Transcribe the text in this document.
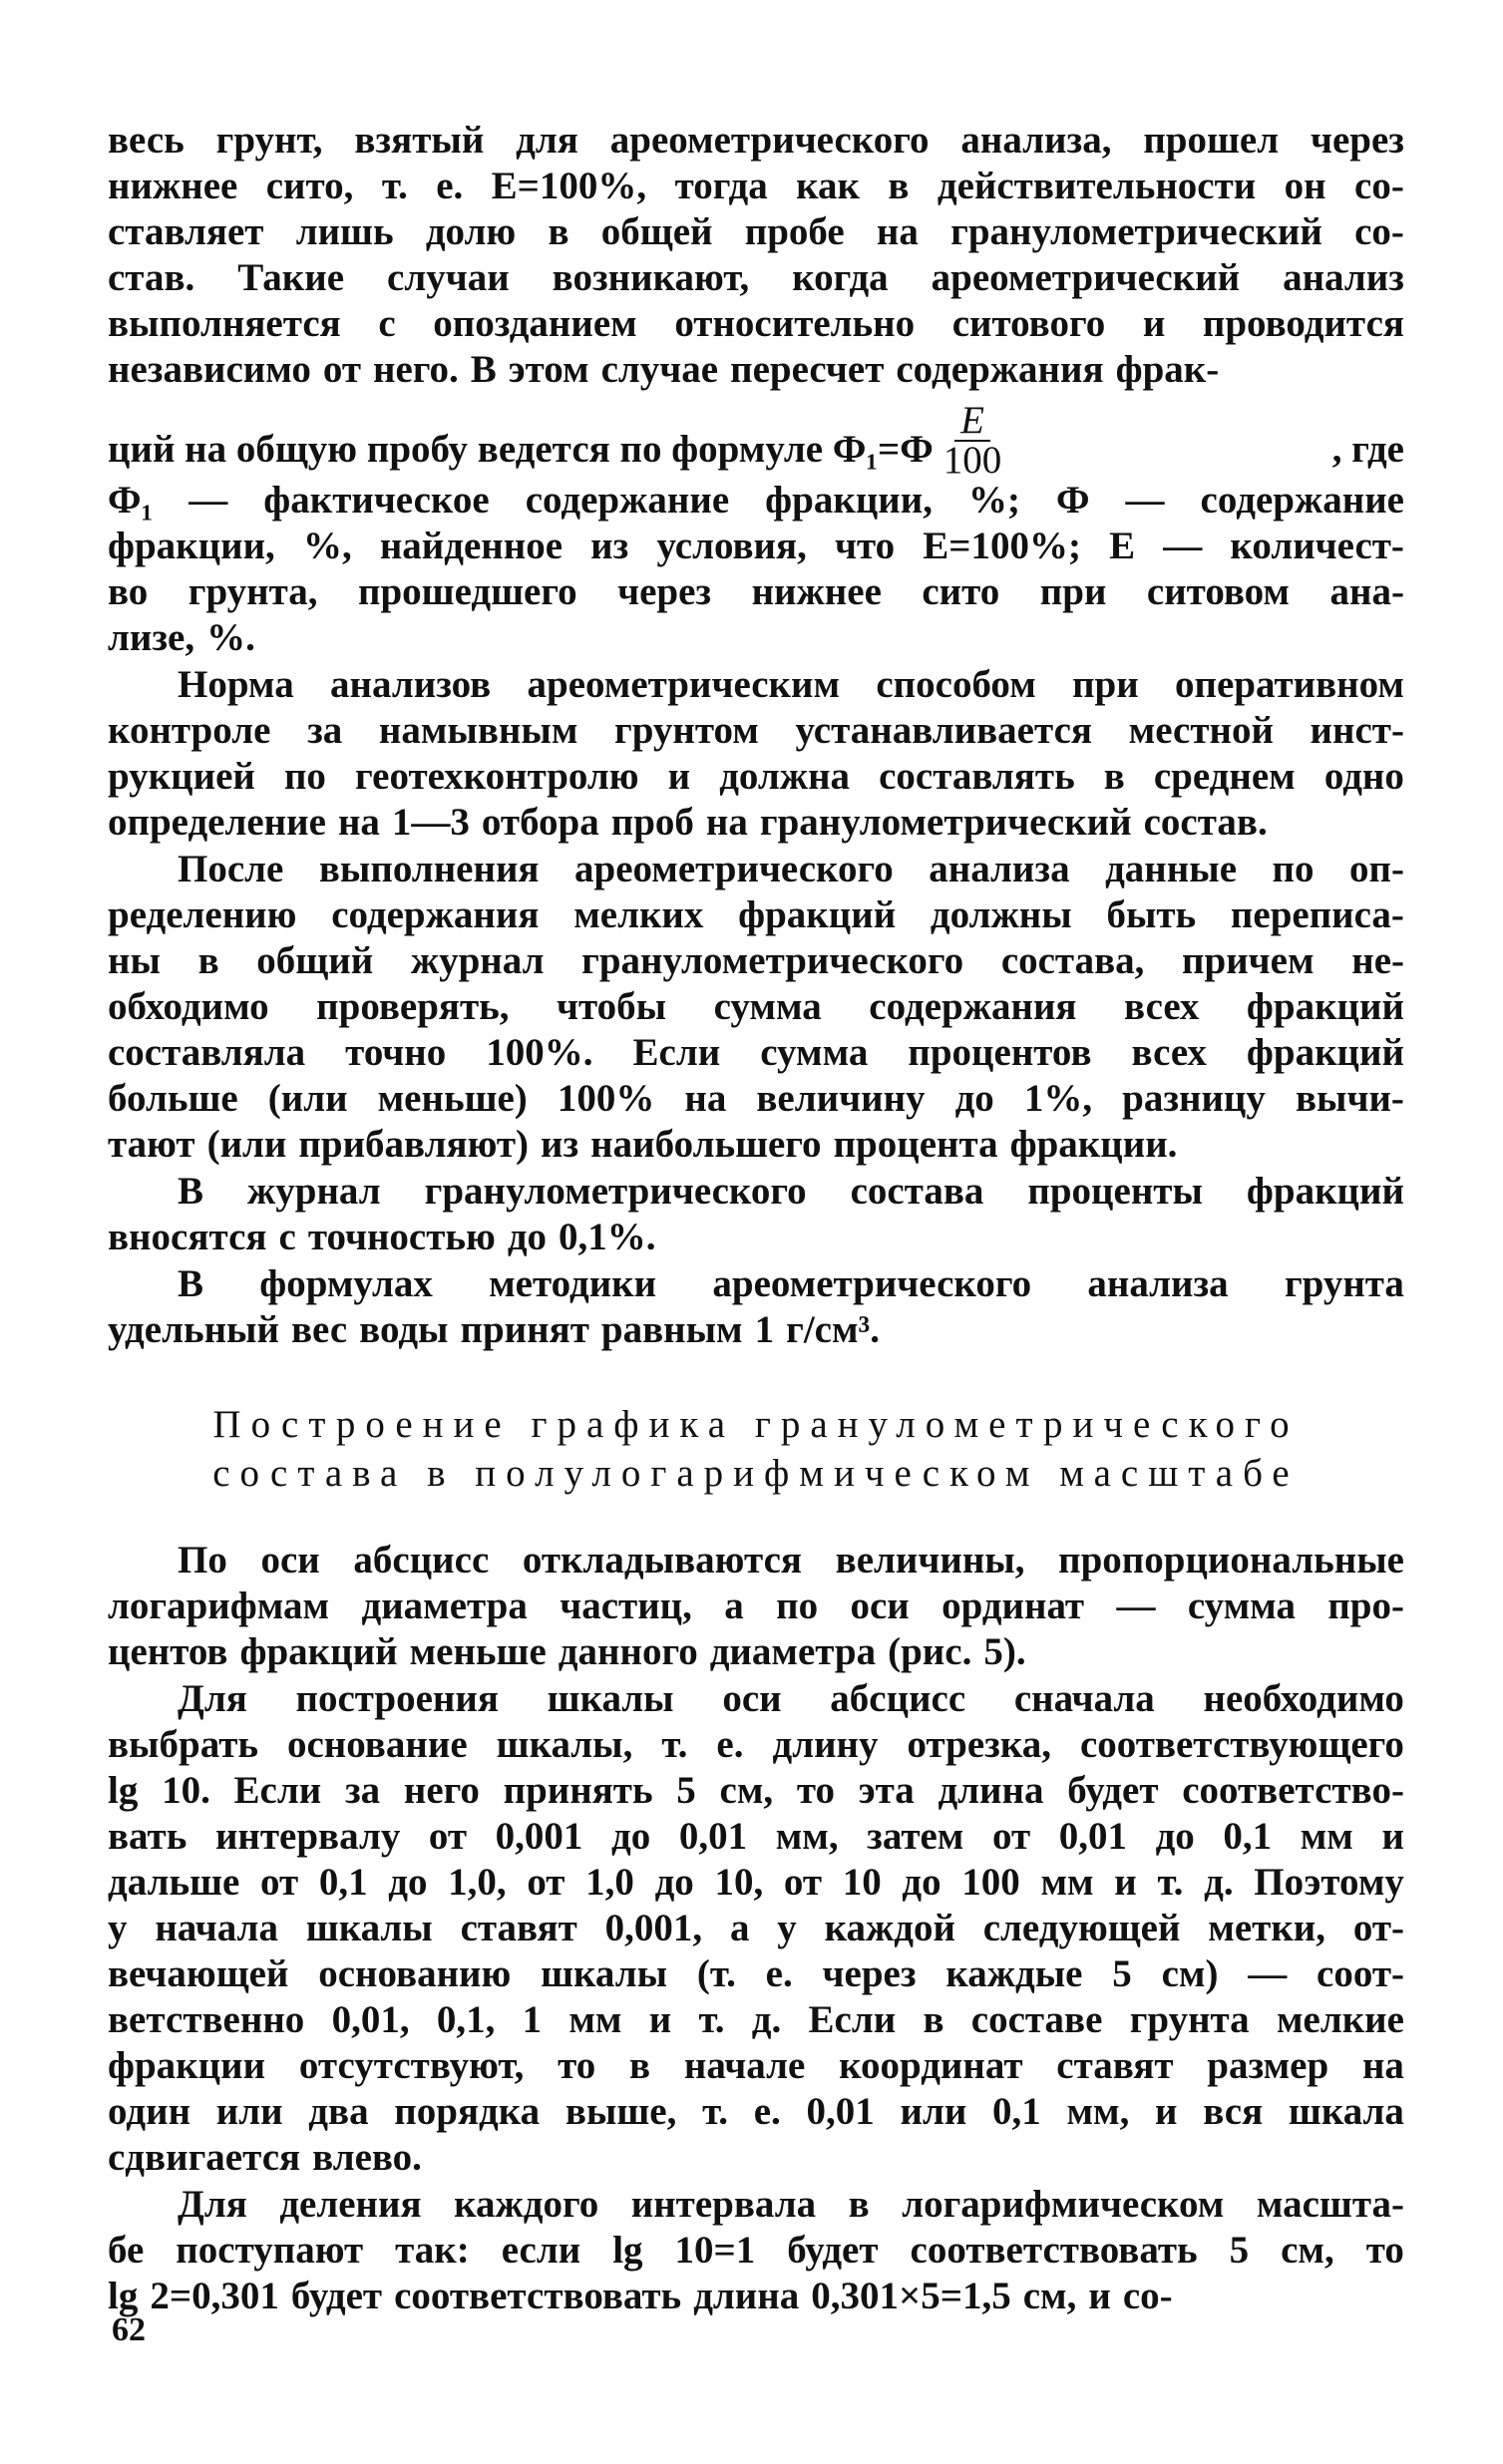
весь грунт, взятый для ареометрического анализа, прошел через
нижнее сито, т. е. Е=100%, тогда как в действительности он со-
ставляет лишь долю в общей пробе на гранулометрический со-
став. Такие случаи возникают, когда ареометрический анализ
выполняется с опозданием относительно ситового и проводится
независимо от него. В этом случае пересчет содержания фрак-
ций на общую пробу ведется по формуле $Ф_1=Ф \frac{E}{100}$	, где
Ф₁ — фактическое содержание фракции, %; Ф — содержание
фракции, %, найденное из условия, что Е=100%; Е — количест-
во грунта, прошедшего через нижнее сито при ситовом ана-
лизе, %.
Норма анализов ареометрическим способом при оперативном
контроле за намывным грунтом устанавливается местной инст-
рукцией по геотехконтролю и должна составлять в среднем одно
определение на 1—3 отбора проб на гранулометрический состав.
После выполнения ареометрического анализа данные по оп-
ределению содержания мелких фракций должны быть переписа-
ны в общий журнал гранулометрического состава, причем не-
обходимо проверять, чтобы сумма содержания всех фракций
составляла точно 100%. Если сумма процентов всех фракций
больше (или меньше) 100% на величину до 1%, разницу вычи-
тают (или прибавляют) из наибольшего процента фракции.
В журнал гранулометрического состава проценты фракций
вносятся с точностью до 0,1%.
В формулах методики ареометрического анализа грунта
удельный вес воды принят равным 1 г/см³.
Построение графика гранулометрического
состава в полулогарифмическом масштабе
По оси абсцисс откладываются величины, пропорциональные
логарифмам диаметра частиц, а по оси ординат — сумма про-
центов фракций меньше данного диаметра (рис. 5).
Для построения шкалы оси абсцисс сначала необходимо
выбрать основание шкалы, т. е. длину отрезка, соответствующего
lg 10. Если за него принять 5 см, то эта длина будет соответство-
вать интервалу от 0,001 до 0,01 мм, затем от 0,01 до 0,1 мм и
дальше от 0,1 до 1,0, от 1,0 до 10, от 10 до 100 мм и т. д. Поэтому
у начала шкалы ставят 0,001, а у каждой следующей метки, от-
вечающей основанию шкалы (т. е. через каждые 5 см) — соот-
ветственно 0,01, 0,1, 1 мм и т. д. Если в составе грунта мелкие
фракции отсутствуют, то в начале координат ставят размер на
один или два порядка выше, т. е. 0,01 или 0,1 мм, и вся шкала
сдвигается влево.
Для деления каждого интервала в логарифмическом масшта-
бе поступают так: если lg 10=1 будет соответствовать 5 см, то
lg 2=0,301 будет соответствовать длина 0,301×5=1,5 см, и со-
62
